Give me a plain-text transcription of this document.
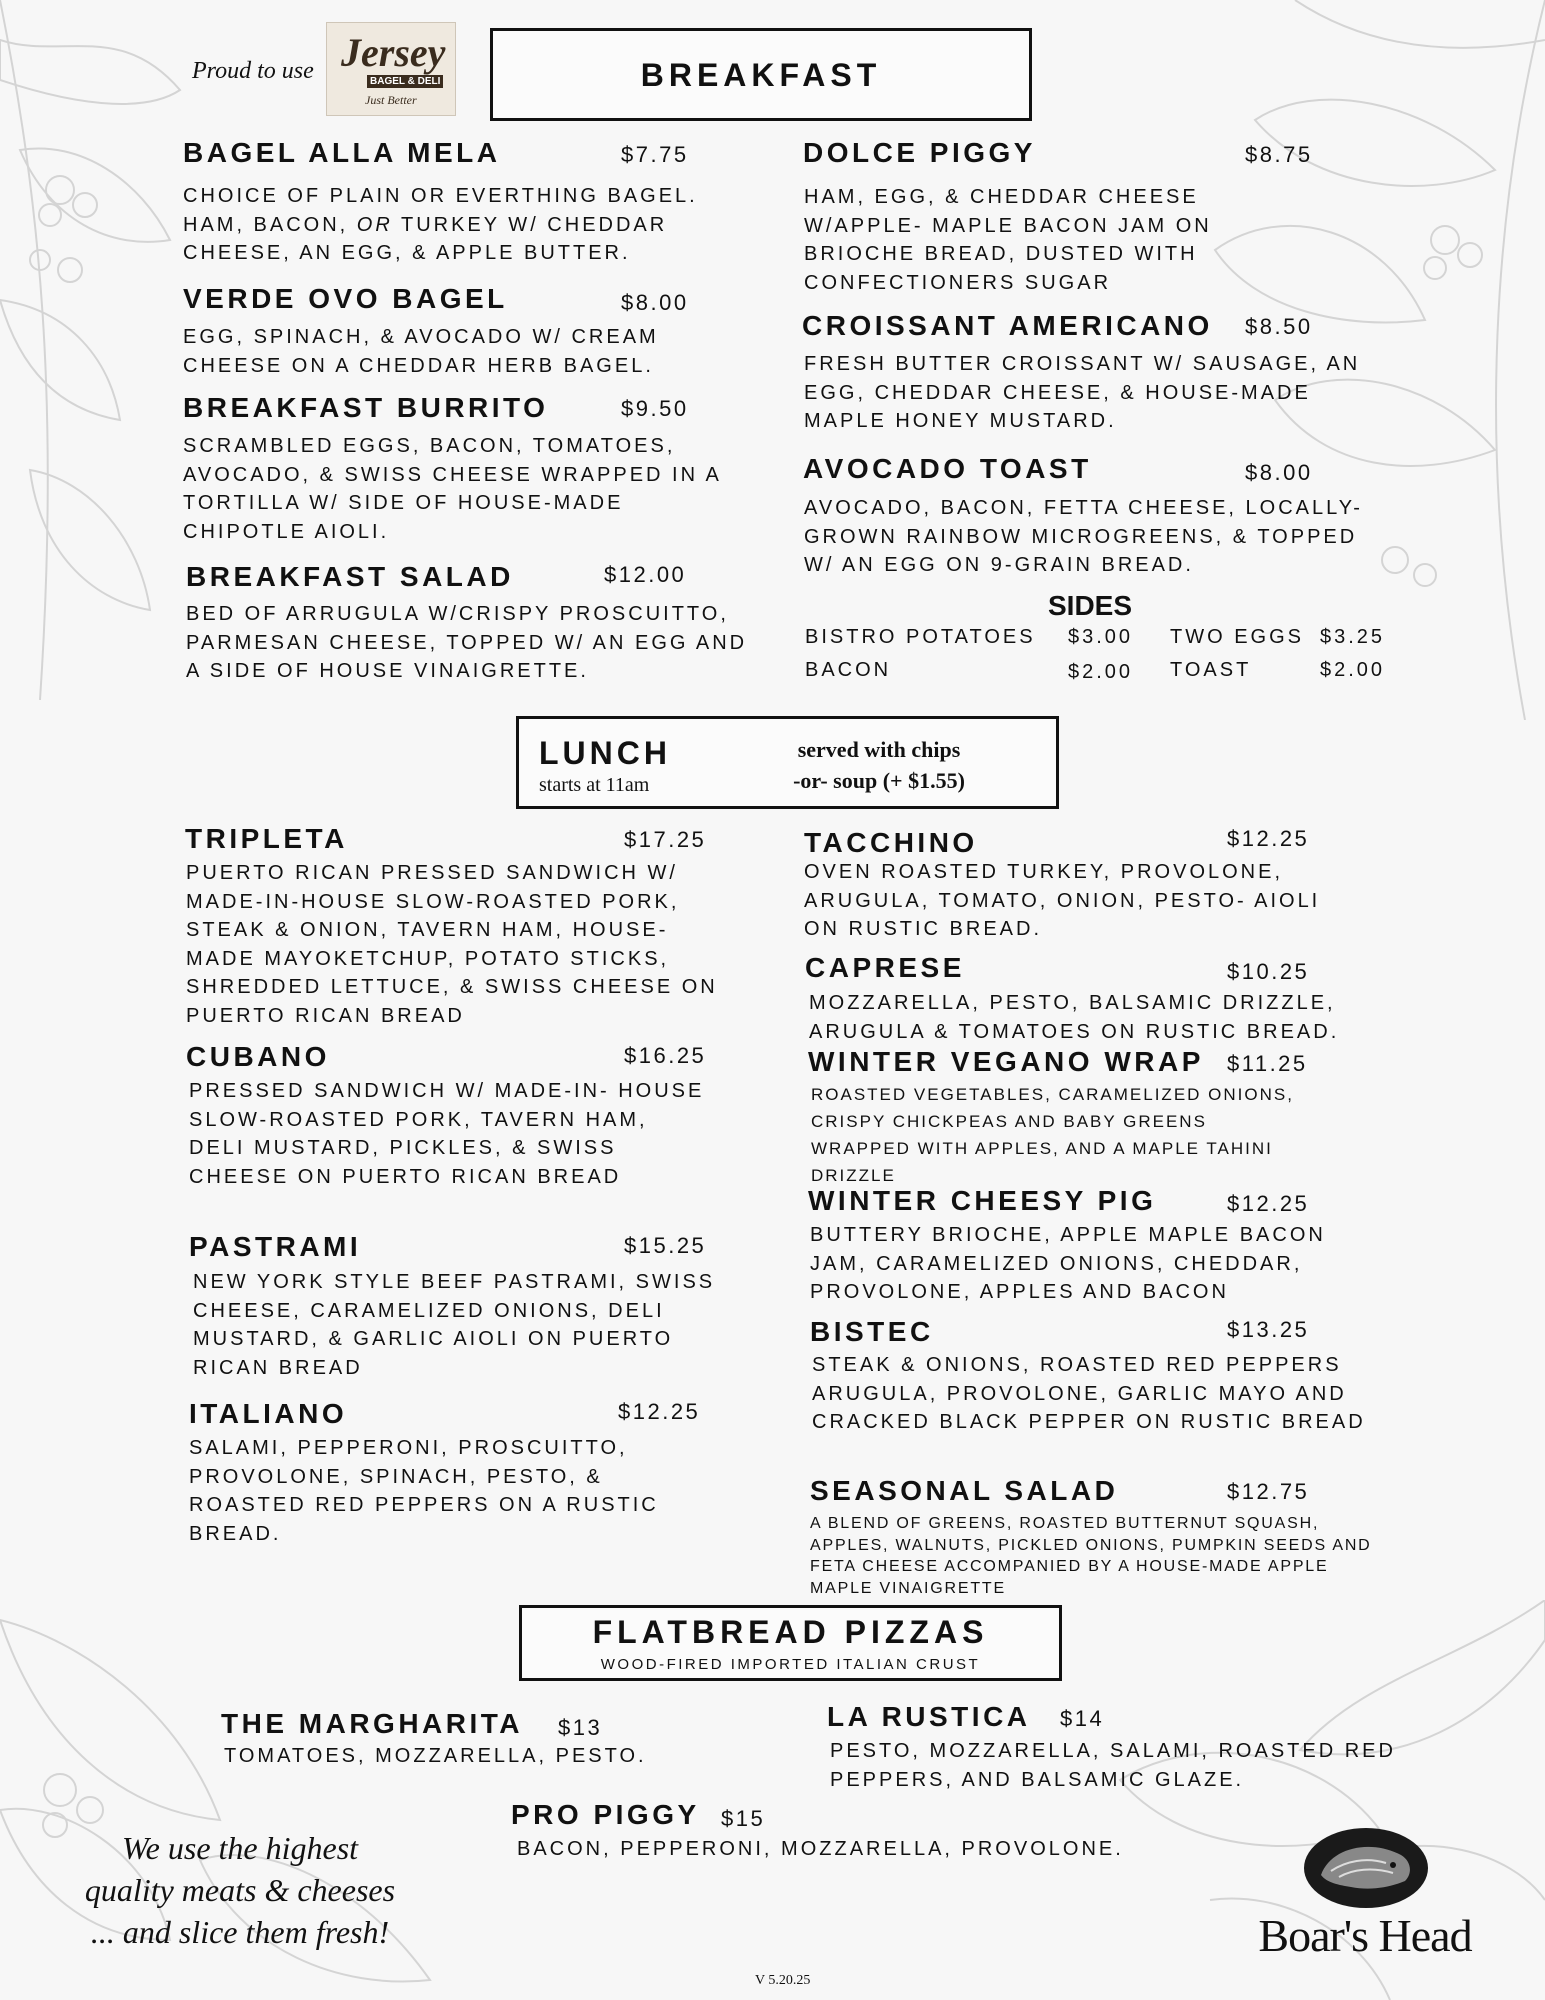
Proud to use Jersey
BAGEL & DELI
Just Better
BREAKFAST
BAGEL ALLA MELA	$7.75
CHOICE OF PLAIN OR EVERTHING BAGEL. HAM, BACON, OR TURKEY W/ CHEDDAR CHEESE, AN EGG, & APPLE BUTTER.
VERDE OVO BAGEL	$8.00
EGG, SPINACH, & AVOCADO W/ CREAM CHEESE ON A CHEDDAR HERB BAGEL.
BREAKFAST BURRITO	$9.50
SCRAMBLED EGGS, BACON, TOMATOES, AVOCADO, & SWISS CHEESE WRAPPED IN A TORTILLA W/ SIDE OF HOUSE-MADE CHIPOTLE AIOLI.
BREAKFAST SALAD	$12.00
BED OF ARRUGULA W/CRISPY PROSCUITTO, PARMESAN CHEESE, TOPPED W/ AN EGG AND A SIDE OF HOUSE VINAIGRETTE.
DOLCE PIGGY	$8.75
HAM, EGG, & CHEDDAR CHEESE W/APPLE- MAPLE BACON JAM ON BRIOCHE BREAD, DUSTED WITH CONFECTIONERS SUGAR
CROISSANT AMERICANO $8.50
FRESH BUTTER CROISSANT W/ SAUSAGE, AN EGG, CHEDDAR CHEESE, & HOUSE-MADE MAPLE HONEY MUSTARD.
AVOCADO TOAST	$8.00
AVOCADO, BACON, FETTA CHEESE, LOCALLY-GROWN RAINBOW MICROGREENS, & TOPPED W/ AN EGG ON 9-GRAIN BREAD.
SIDES
BISTRO POTATOES $3.00
BACON	$2.00
TWO EGGS $3.25
TOAST	$2.00
LUNCH
starts at 11am
served with chips
-or- soup (+ $1.55)
TRIPLETA	$17.25
PUERTO RICAN PRESSED SANDWICH W/ MADE-IN-HOUSE SLOW-ROASTED PORK, STEAK & ONION, TAVERN HAM, HOUSE- MADE MAYOKETCHUP, POTATO STICKS, SHREDDED LETTUCE, & SWISS CHEESE ON PUERTO RICAN BREAD
CUBANO	$16.25
PRESSED SANDWICH W/ MADE-IN- HOUSE SLOW-ROASTED PORK, TAVERN HAM, DELI MUSTARD, PICKLES, & SWISS CHEESE ON PUERTO RICAN BREAD
PASTRAMI	$15.25
NEW YORK STYLE BEEF PASTRAMI, SWISS CHEESE, CARAMELIZED ONIONS, DELI MUSTARD, & GARLIC AIOLI ON PUERTO RICAN BREAD
ITALIANO	$12.25
SALAMI, PEPPERONI, PROSCUITTO, PROVOLONE, SPINACH, PESTO, & ROASTED RED PEPPERS ON A RUSTIC BREAD.
TACCHINO	$12.25
OVEN ROASTED TURKEY, PROVOLONE, ARUGULA, TOMATO, ONION, PESTO- AIOLI ON RUSTIC BREAD.
CAPRESE	$10.25
MOZZARELLA, PESTO, BALSAMIC DRIZZLE, ARUGULA & TOMATOES ON RUSTIC BREAD.
WINTER VEGANO WRAP $11.25
ROASTED VEGETABLES, CARAMELIZED ONIONS, CRISPY CHICKPEAS AND BABY GREENS WRAPPED WITH APPLES, AND A MAPLE TAHINI DRIZZLE
WINTER CHEESY PIG	$12.25
BUTTERY BRIOCHE, APPLE MAPLE BACON JAM, CARAMELIZED ONIONS, CHEDDAR, PROVOLONE, APPLES AND BACON
BISTEC	$13.25
STEAK & ONIONS, ROASTED RED PEPPERS ARUGULA, PROVOLONE, GARLIC MAYO AND CRACKED BLACK PEPPER ON RUSTIC BREAD
SEASONAL SALAD	$12.75
A BLEND OF GREENS, ROASTED BUTTERNUT SQUASH, APPLES, WALNUTS, PICKLED ONIONS, PUMPKIN SEEDS AND FETA CHEESE ACCOMPANIED BY A HOUSE-MADE APPLE MAPLE VINAIGRETTE
FLATBREAD PIZZAS
WOOD-FIRED IMPORTED ITALIAN CRUST
THE MARGHARITA $13
TOMATOES, MOZZARELLA, PESTO.
LA RUSTICA $14
PESTO, MOZZARELLA, SALAMI, ROASTED RED PEPPERS, AND BALSAMIC GLAZE.
PRO PIGGY $15
BACON, PEPPERONI, MOZZARELLA, PROVOLONE.
We use the highest
quality meats & cheeses
... and slice them fresh!
V 5.20.25
Boar's Head
